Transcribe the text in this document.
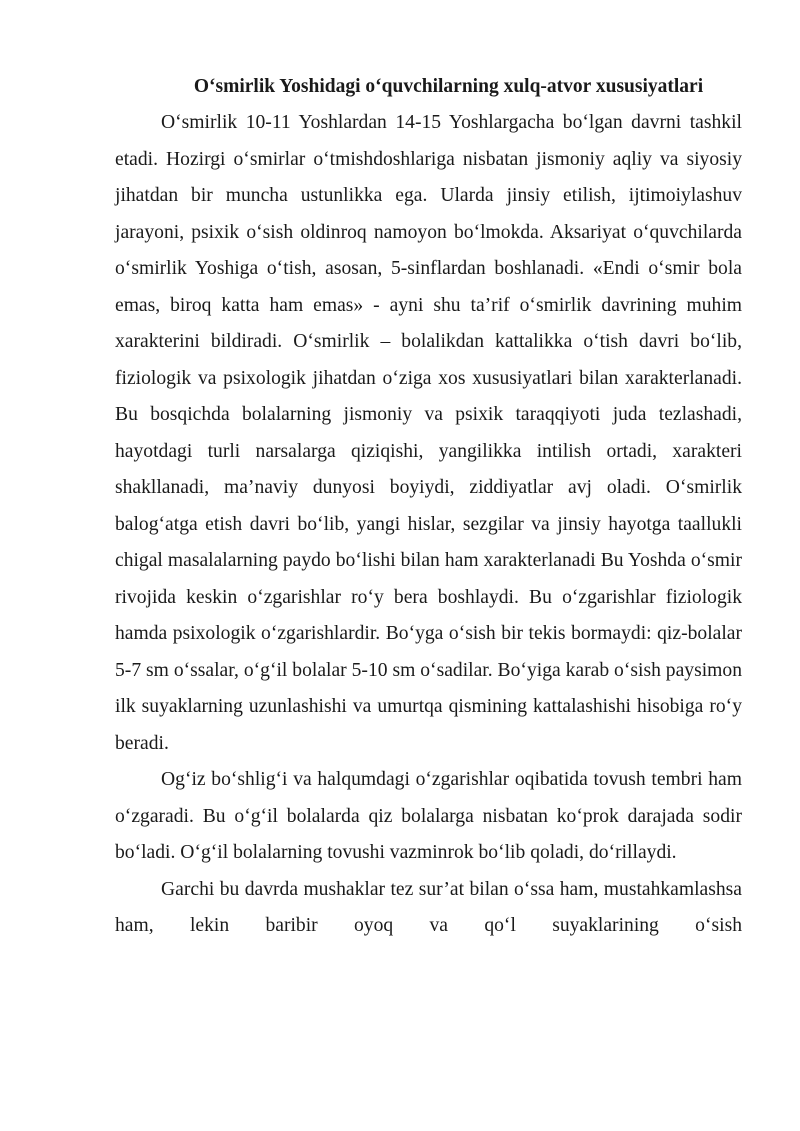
O‘smirlik Yoshidagi o‘quvchilarning xulq-atvor xususiyatlari

O‘smirlik 10-11 Yoshlardan 14-15 Yoshlargacha bo‘lgan davrni tashkil etadi. Hozirgi o‘smirlar o‘tmishdoshlariga nisbatan jismoniy aqliy va siyosiy jihatdan bir muncha ustunlikka ega. Ularda jinsiy etilish, ijtimoiylashuv jarayoni, psixik o‘sish oldinroq namoyon bo‘lmokda. Aksariyat o‘quvchilarda o‘smirlik Yoshiga o‘tish, asosan, 5-sinflardan boshlanadi. «Endi o‘smir bola emas, biroq katta ham emas» - ayni shu ta’rif o‘smirlik davrining muhim xarakterini bildiradi. O‘smirlik – bolalikdan kattalikka o‘tish davri bo‘lib, fiziologik va psixologik jihatdan o‘ziga xos xususiyatlari bilan xarakterlanadi. Bu bosqichda bolalarning jismoniy va psixik taraqqiyoti juda tezlashadi, hayotdagi turli narsalarga qiziqishi, yangilikka intilish ortadi, xarakteri shakllanadi, ma’naviy dunyosi boyiydi, ziddiyatlar avj oladi. O‘smirlik balog‘atga etish davri bo‘lib, yangi hislar, sezgilar va jinsiy hayotga taallukli chigal masalalarning paydo bo‘lishi bilan ham xarakterlanadi Bu Yoshda o‘smir rivojida keskin o‘zgarishlar ro‘y bera boshlaydi. Bu o‘zgarishlar fiziologik hamda psixologik o‘zgarishlardir. Bo‘yga o‘sish bir tekis bormaydi: qiz-bolalar 5-7 sm o‘ssalar, o‘g‘il bolalar 5-10 sm o‘sadilar. Bo‘yiga karab o‘sish paysimon ilk suyaklarning uzunlashishi va umurtqa qismining kattalashishi hisobiga ro‘y beradi.

Og‘iz bo‘shlig‘i va halqumdagi o‘zgarishlar oqibatida tovush tembri ham o‘zgaradi. Bu o‘g‘il bolalarda qiz bolalarga nisbatan ko‘prok darajada sodir bo‘ladi. O‘g‘il bolalarning tovushi vazminrok bo‘lib qoladi, do‘rillaydi.

Garchi bu davrda mushaklar tez sur’at bilan o‘ssa ham, mustahkamlashsa ham, lekin baribir oyoq va qo‘l suyaklarining o‘sish
